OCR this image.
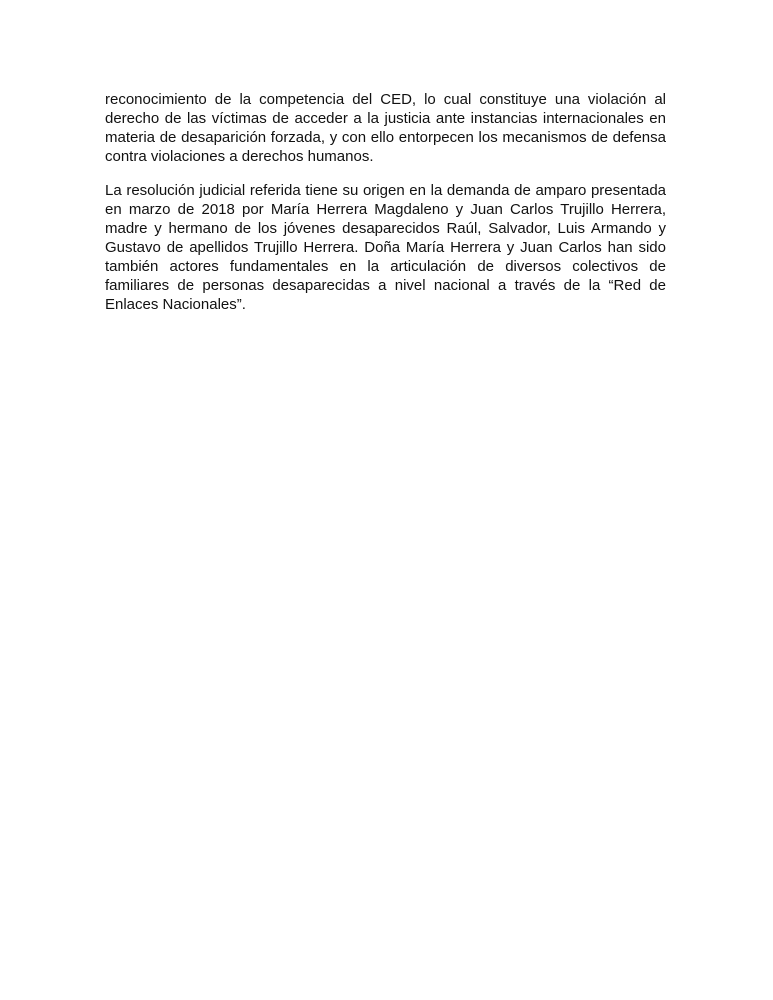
reconocimiento de la competencia del CED, lo cual constituye una violación al derecho de las víctimas de acceder a la justicia ante instancias internacionales en materia de desaparición forzada, y con ello entorpecen los mecanismos de defensa contra violaciones a derechos humanos.

La resolución judicial referida tiene su origen en la demanda de amparo presentada en marzo de 2018 por María Herrera Magdaleno y Juan Carlos Trujillo Herrera, madre y hermano de los jóvenes desaparecidos Raúl, Salvador, Luis Armando y Gustavo de apellidos Trujillo Herrera. Doña María Herrera y Juan Carlos han sido también actores fundamentales en la articulación de diversos colectivos de familiares de personas desaparecidas a nivel nacional a través de la “Red de Enlaces Nacionales”.
